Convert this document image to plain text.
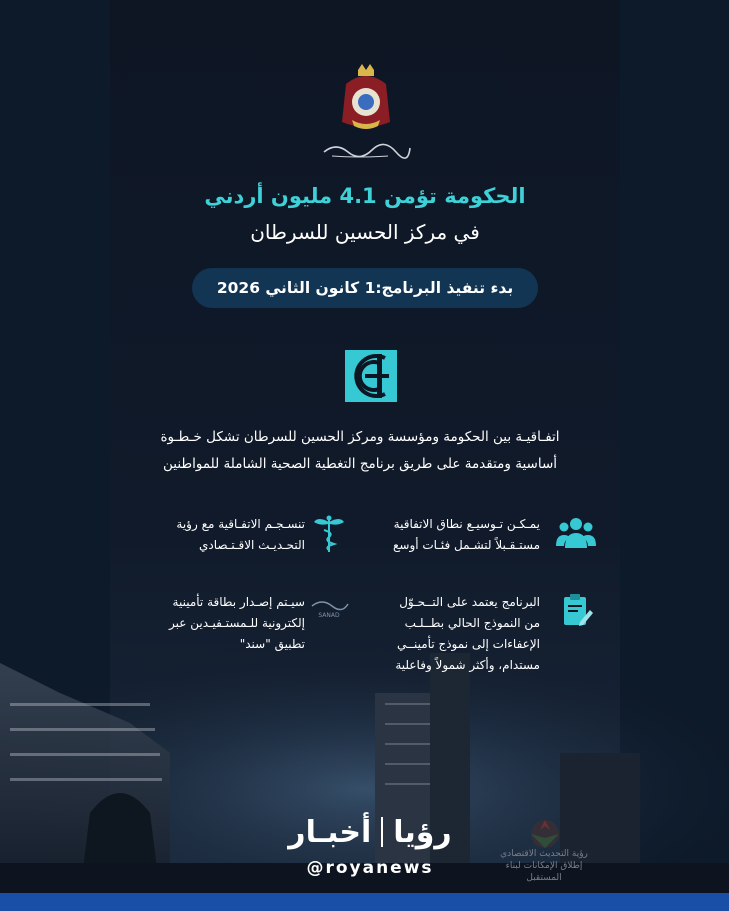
الحكومة تؤمن 4.1 مليون أردني
في مركز الحسين للسرطان
بدء تنفيذ البرنامج:1 كانون الثاني 2026
اتفـاقيـة بين الحكومة ومؤسسة ومركز الحسين للسرطان تشكل خـطـوة
أساسية ومتقدمة على طريق برنامج التغطية الصحية الشاملة للمواطنين
SANAD
يمـكـن تـوسيـع نطاق الاتفاقية
مستـقـبلاً لتشـمل فئـات أوسع
تنسـجـم الاتفـاقية مع رؤية
التحـديـث الاقـتـصادي
البرنامج يعتمد على التــحـوّل
من النموذج الحالي بطــلـب
الإعفاءات إلى نموذج تأمينــي
مستدام، وأكثر شمولاً وفاعلية
سيـتم إصـدار بطاقة تأمينية
إلكترونية للـمستـفيـدين عبر
تطبيق "سند"
رؤيا
أخبـار
@royanews
رؤية التحديث الاقتصادي
إطلاق الإمكانات لبناء المستقبل
